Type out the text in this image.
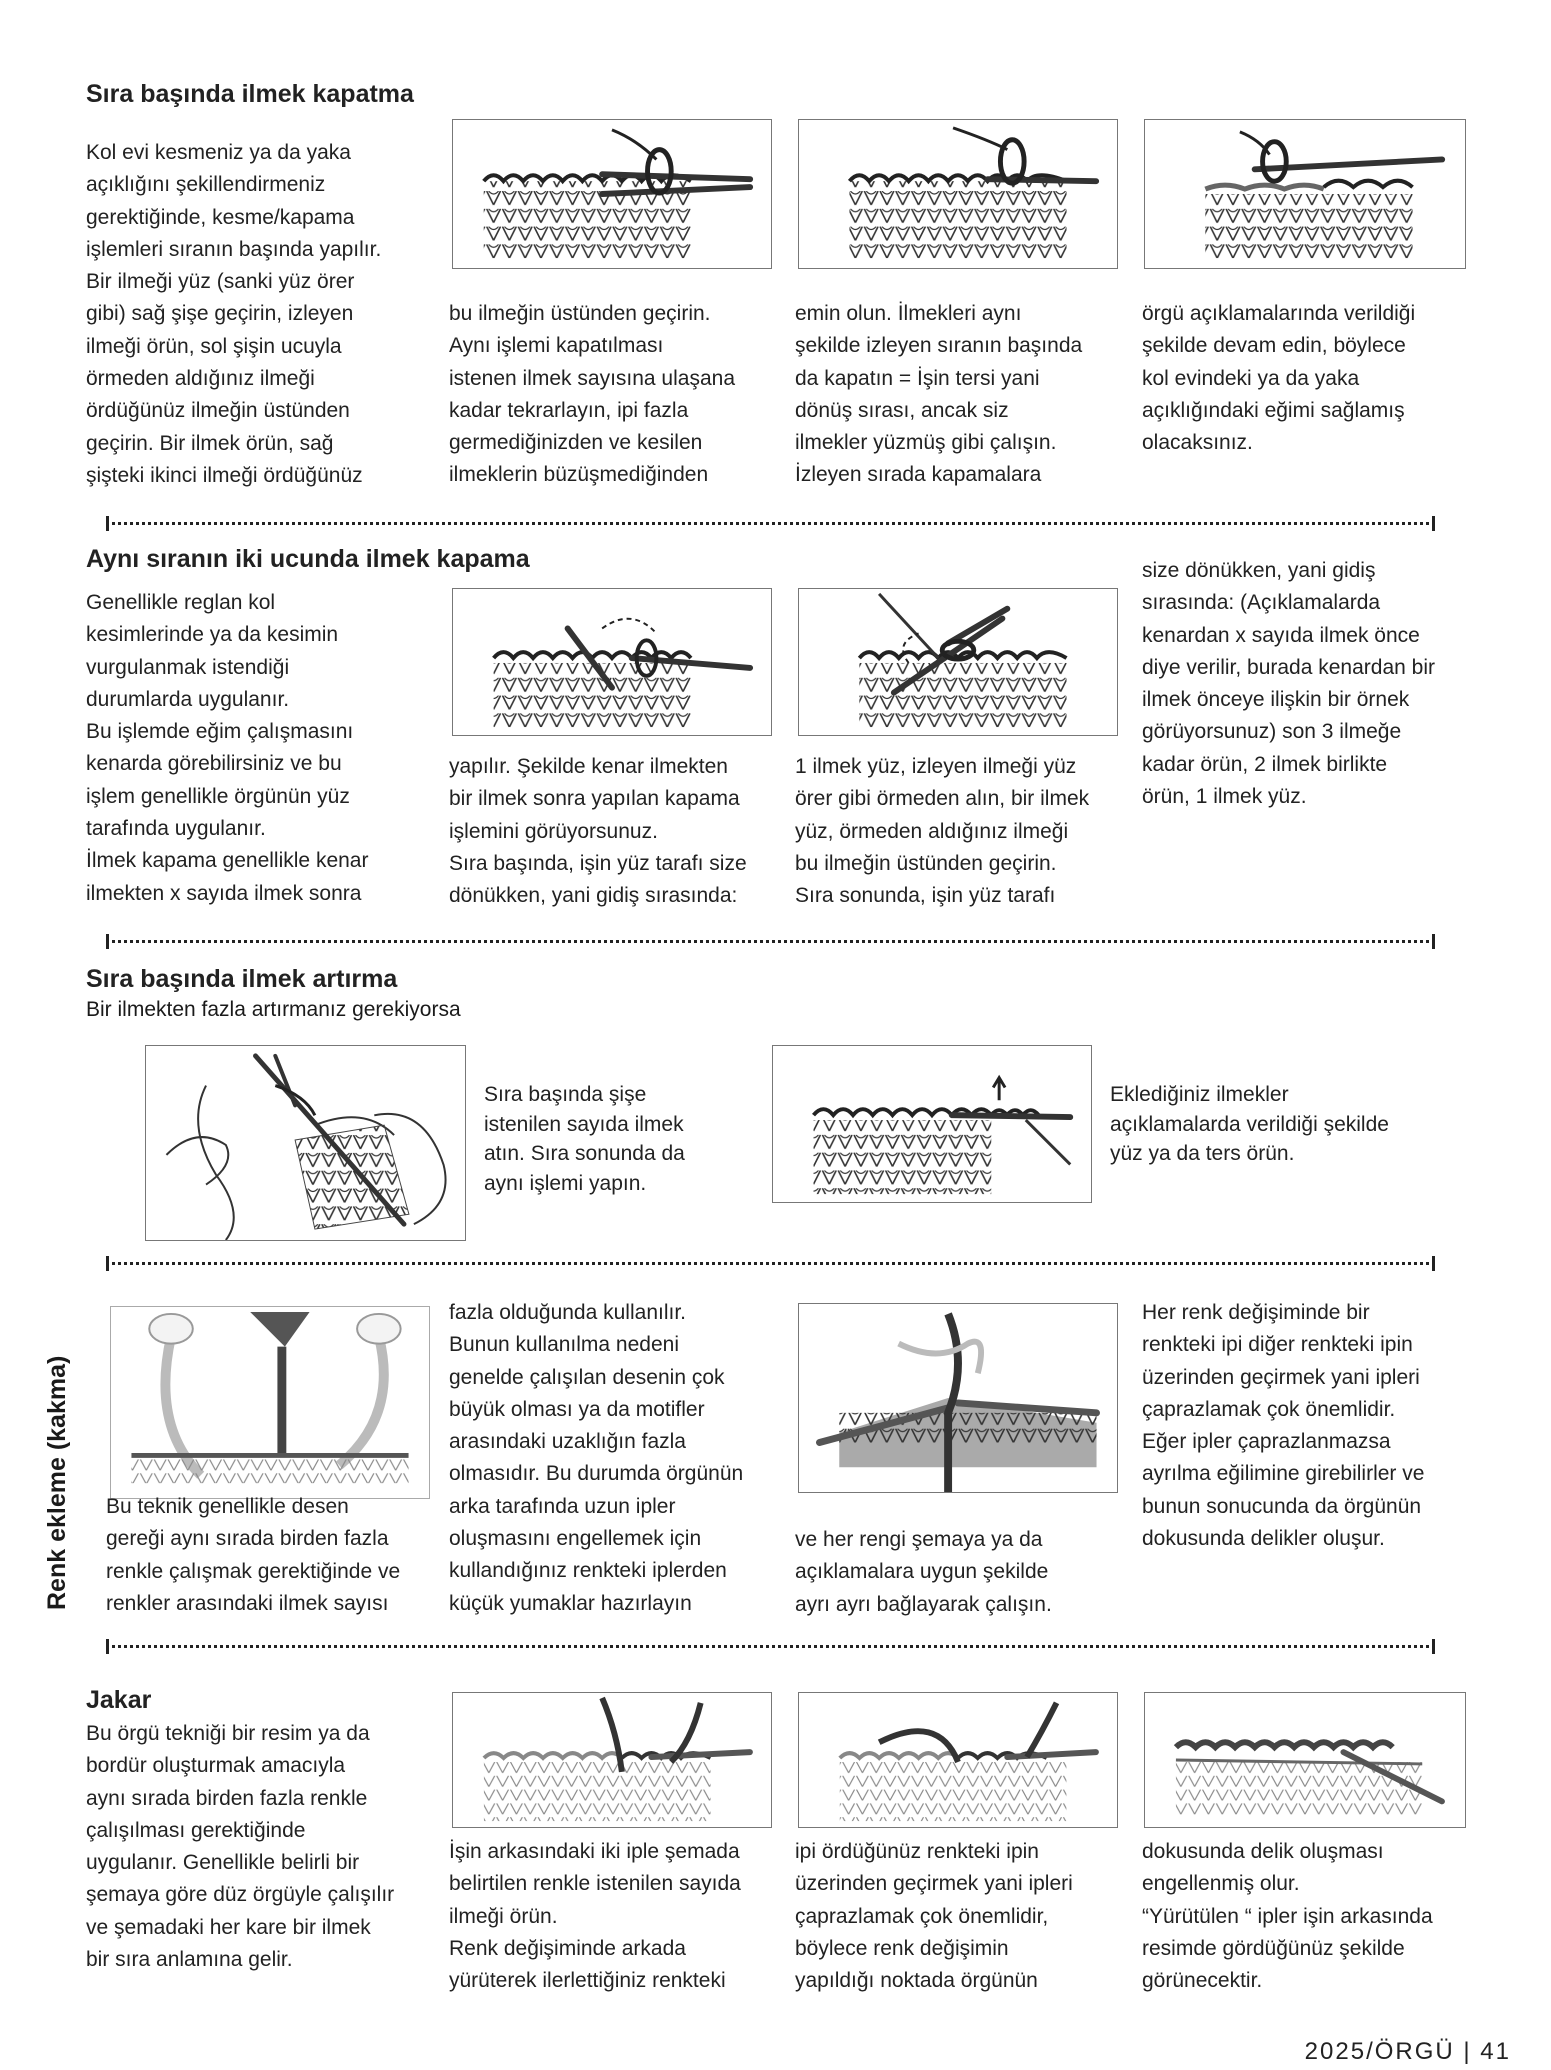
Sıra başında ilmek kapatma

Kol evi kesmeniz ya da yaka
açıklığını şekillendirmeniz
gerektiğinde, kesme/kapama
işlemleri sıranın başında yapılır.
Bir ilmeği yüz (sanki yüz örer
gibi) sağ şişe geçirin, izleyen
ilmeği örün, sol şişin ucuyla
örmeden aldığınız ilmeği
ördüğünüz ilmeğin üstünden
geçirin. Bir ilmek örün, sağ
şişteki ikinci ilmeği ördüğünüz

bu ilmeğin üstünden geçirin.
Aynı işlemi kapatılması
istenen ilmek sayısına ulaşana
kadar tekrarlayın, ipi fazla
germediğinizden ve kesilen
ilmeklerin büzüşmediğinden

emin olun. İlmekleri aynı
şekilde izleyen sıranın başında
da kapatın = İşin tersi yani
dönüş sırası, ancak siz
ilmekler yüzmüş gibi çalışın.
İzleyen sırada kapamalara

örgü açıklamalarında verildiği
şekilde devam edin, böylece
kol evindeki ya da yaka
açıklığındaki eğimi sağlamış
olacaksınız.

Aynı sıranın iki ucunda ilmek kapama

Genellikle reglan kol
kesimlerinde ya da kesimin
vurgulanmak istendiği
durumlarda uygulanır.
Bu işlemde eğim çalışmasını
kenarda görebilirsiniz ve bu
işlem genellikle örgünün yüz
tarafında uygulanır.
İlmek kapama genellikle kenar
ilmekten x sayıda ilmek sonra

yapılır. Şekilde kenar ilmekten
bir ilmek sonra yapılan kapama
işlemini görüyorsunuz.
Sıra başında, işin yüz tarafı size
dönükken, yani gidiş sırasında:

1 ilmek yüz, izleyen ilmeği yüz
örer gibi örmeden alın, bir ilmek
yüz, örmeden aldığınız ilmeği
bu ilmeğin üstünden geçirin.
Sıra sonunda, işin yüz tarafı

size dönükken, yani gidiş
sırasında: (Açıklamalarda
kenardan x sayıda ilmek önce
diye verilir, burada kenardan bir
ilmek önceye ilişkin bir örnek
görüyorsunuz) son 3 ilmeğe
kadar örün, 2 ilmek birlikte
örün, 1 ilmek yüz.

Sıra başında ilmek artırma

Bir ilmekten fazla artırmanız gerekiyorsa

Sıra başında şişe
istenilen sayıda ilmek
atın. Sıra sonunda da
aynı işlemi yapın.

Eklediğiniz ilmekler
açıklamalarda verildiği şekilde
yüz ya da ters örün.

Renk ekleme (kakma) Bu teknik genellikle desen
gereği aynı sırada birden fazla
renkle çalışmak gerektiğinde ve
renkler arasındaki ilmek sayısı

fazla olduğunda kullanılır.
Bunun kullanılma nedeni
genelde çalışılan desenin çok
büyük olması ya da motifler
arasındaki uzaklığın fazla
olmasıdır. Bu durumda örgünün
arka tarafında uzun ipler
oluşmasını engellemek için
kullandığınız renkteki iplerden
küçük yumaklar hazırlayın

ve her rengi şemaya ya da
açıklamalara uygun şekilde
ayrı ayrı bağlayarak çalışın.

Her renk değişiminde bir
renkteki ipi diğer renkteki ipin
üzerinden geçirmek yani ipleri
çaprazlamak çok önemlidir.
Eğer ipler çaprazlanmazsa
ayrılma eğilimine girebilirler ve
bunun sonucunda da örgünün
dokusunda delikler oluşur.

Jakar

Bu örgü tekniği bir resim ya da
bordür oluşturmak amacıyla
aynı sırada birden fazla renkle
çalışılması gerektiğinde
uygulanır. Genellikle belirli bir
şemaya göre düz örgüyle çalışılır
ve şemadaki her kare bir ilmek
bir sıra anlamına gelir.

İşin arkasındaki iki iple şemada
belirtilen renkle istenilen sayıda
ilmeği örün.
Renk değişiminde arkada
yürüterek ilerlettiğiniz renkteki

ipi ördüğünüz renkteki ipin
üzerinden geçirmek yani ipleri
çaprazlamak çok önemlidir,
böylece renk değişimin
yapıldığı noktada örgünün

dokusunda delik oluşması
engellenmiş olur.
“Yürütülen “ ipler işin arkasında
resimde gördüğünüz şekilde
görünecektir.

2025/ÖRGÜ | 41
